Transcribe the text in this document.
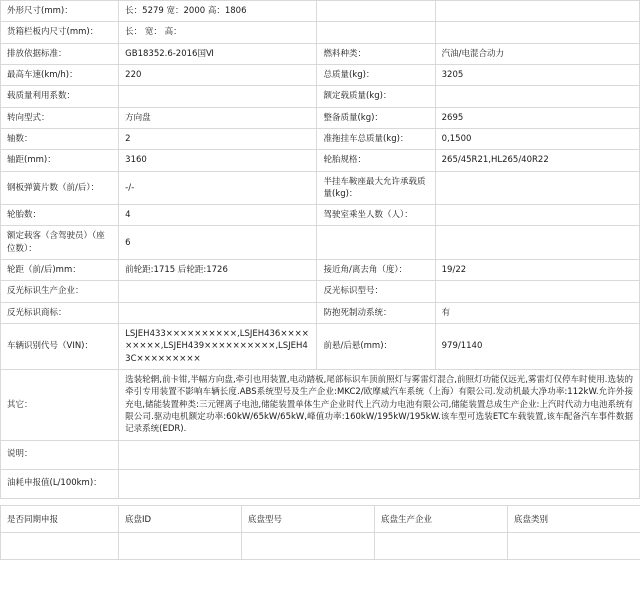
外形尺寸(mm)：	长：5279 宽：2000 高：1806		
货箱栏板内尺寸(mm)：	长： 宽： 高：		
排放依据标准：	GB18352.6-2016国Ⅵ	燃料种类：	汽油/电混合动力
最高车速(km/h)：	220	总质量(kg)：	3205
载质量利用系数：		额定载质量(kg)：	
转向型式：	方向盘	整备质量(kg)：	2695
轴数：	2	准拖挂车总质量(kg)：	0,1500
轴距(mm)：	3160	轮胎规格：	265/45R21,HL265/40R22
钢板弹簧片数（前/后）：	-/-	半挂车鞍座最大允许承载质量(kg)：	
轮胎数：	4	驾驶室乘坐人数（人）：	
额定载客（含驾驶员）（座位数）：	6		
轮距（前/后)mm：	前轮距:1715 后轮距:1726	接近角/离去角（度）：	19/22
反光标识生产企业：		反光标识型号：	
反光标识商标：		防抱死制动系统：	有
车辆识别代号（VIN)：	LSJEH433××××××××××,LSJEH436×××××××××,LSJEH439××××××××××,LSJEH43C×××××××××	前悬/后悬(mm)：	979/1140
其它：	选装轮辋,前卡钳,半幅方向盘,牵引也用装置,电动踏板,尾部标识车顶前照灯与雾雷灯混合,前照灯功能仅远光,雾雷灯仅停车时使用.选装的牵引专用装置不影响车辆长度.ABS系统型号及生产企业:MKC2/欧摩威汽车系统（上海）有限公司.发动机最大净功率:112kW.允许外接充电,储能装置种类:三元锂离子电池,储能装置单体生产企业时代上汽动力电池有限公司,储能装置总成生产企业:上汽时代动力电池系统有限公司.驱动电机额定功率:60kW/65kW/65kW,峰值功率:160kW/195kW/195kW.该车型可选装ETC车载装置,该车配备汽车事件数据记录系统(EDR).		
说明：			
油耗申报值(L/100km)：			
是否同期申报	底盘ID	底盘型号	底盘生产企业	底盘类别
